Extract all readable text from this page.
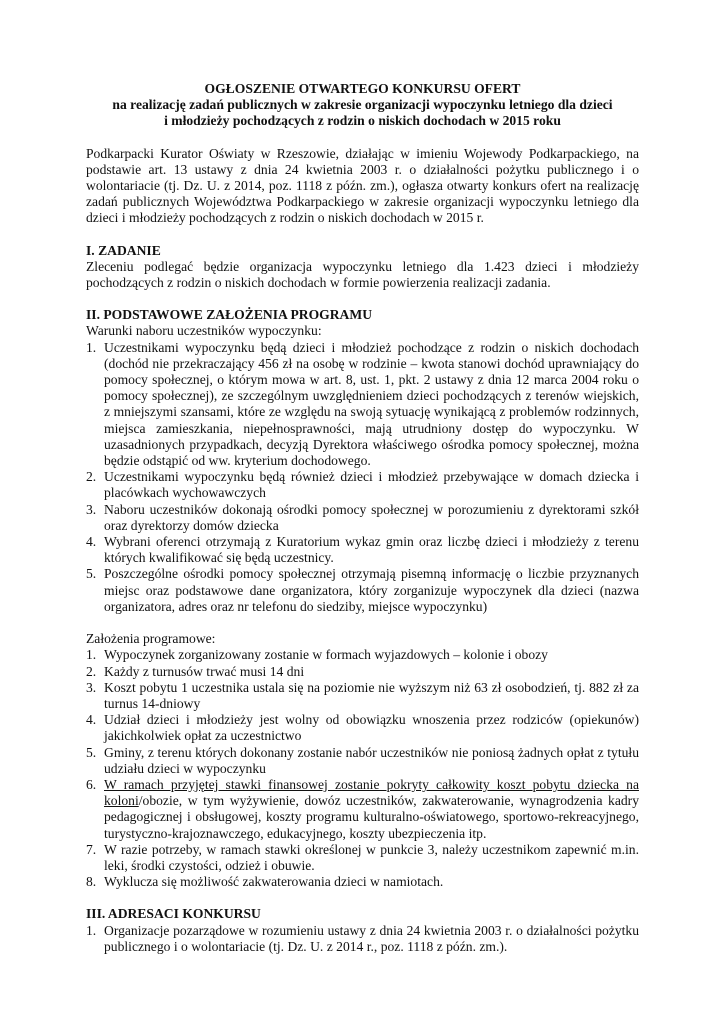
OGŁOSZENIE OTWARTEGO KONKURSU OFERT
na realizację zadań publicznych w zakresie organizacji wypoczynku letniego dla dzieci
i młodzieży pochodzących z rodzin o niskich dochodach w 2015 roku

Podkarpacki Kurator Oświaty w Rzeszowie, działając w imieniu Wojewody Podkarpackiego, na podstawie art. 13 ustawy z dnia 24 kwietnia 2003 r. o działalności pożytku publicznego i o wolontariacie (tj. Dz. U. z 2014, poz. 1118 z późn. zm.), ogłasza otwarty konkurs ofert na realizację zadań publicznych Województwa Podkarpackiego w zakresie organizacji wypoczynku letniego dla dzieci i młodzieży pochodzących z rodzin o niskich dochodach w 2015 r.

I. ZADANIE

Zleceniu podlegać będzie organizacja wypoczynku letniego dla 1.423 dzieci i młodzieży pochodzących z rodzin o niskich dochodach w formie powierzenia realizacji zadania.

II. PODSTAWOWE ZAŁOŻENIA PROGRAMU

Warunki naboru uczestników wypoczynku:

1. Uczestnikami wypoczynku będą dzieci i młodzież pochodzące z rodzin o niskich dochodach (dochód nie przekraczający 456 zł na osobę w rodzinie – kwota stanowi dochód uprawniający do pomocy społecznej, o którym mowa w art. 8, ust. 1, pkt. 2 ustawy z dnia 12 marca 2004 roku o pomocy społecznej), ze szczególnym uwzględnieniem dzieci pochodzących z terenów wiejskich, z mniejszymi szansami, które ze względu na swoją sytuację wynikającą z problemów rodzinnych, miejsca zamieszkania, niepełnosprawności, mają utrudniony dostęp do wypoczynku. W uzasadnionych przypadkach, decyzją Dyrektora właściwego ośrodka pomocy społecznej, można będzie odstąpić od ww. kryterium dochodowego.
2. Uczestnikami wypoczynku będą również dzieci i młodzież przebywające w domach dziecka i placówkach wychowawczych
3. Naboru uczestników dokonają ośrodki pomocy społecznej w porozumieniu z dyrektorami szkół oraz dyrektorzy domów dziecka
4. Wybrani oferenci otrzymają z Kuratorium wykaz gmin oraz liczbę dzieci i młodzieży z terenu których kwalifikować się będą uczestnicy.
5. Poszczególne ośrodki pomocy społecznej otrzymają pisemną informację o liczbie przyznanych miejsc oraz podstawowe dane organizatora, który zorganizuje wypoczynek dla dzieci (nazwa organizatora, adres oraz nr telefonu do siedziby, miejsce wypoczynku)

Założenia programowe:

1. Wypoczynek zorganizowany zostanie w formach wyjazdowych – kolonie i obozy
2. Każdy z turnusów trwać musi 14 dni
3. Koszt pobytu 1 uczestnika ustala się na poziomie nie wyższym niż 63 zł osobodzień, tj. 882 zł za turnus 14-dniowy
4. Udział dzieci i młodzieży jest wolny od obowiązku wnoszenia przez rodziców (opiekunów) jakichkolwiek opłat za uczestnictwo
5. Gminy, z terenu których dokonany zostanie nabór uczestników nie poniosą żadnych opłat z tytułu udziału dzieci w wypoczynku
6. W ramach przyjętej stawki finansowej zostanie pokryty całkowity koszt pobytu dziecka na koloni/obozie, w tym wyżywienie, dowóz uczestników, zakwaterowanie, wynagrodzenia kadry pedagogicznej i obsługowej, koszty programu kulturalno-oświatowego, sportowo-rekreacyjnego, turystyczno-krajoznawczego, edukacyjnego, koszty ubezpieczenia itp.
7. W razie potrzeby, w ramach stawki określonej w punkcie 3, należy uczestnikom zapewnić m.in. leki, środki czystości, odzież i obuwie.
8. Wyklucza się możliwość zakwaterowania dzieci w namiotach.
III. ADRESACI KONKURSU
1. Organizacje pozarządowe w rozumieniu ustawy z dnia 24 kwietnia 2003 r. o działalności pożytku publicznego i o wolontariacie (tj. Dz. U. z 2014 r., poz. 1118 z późn. zm.).
